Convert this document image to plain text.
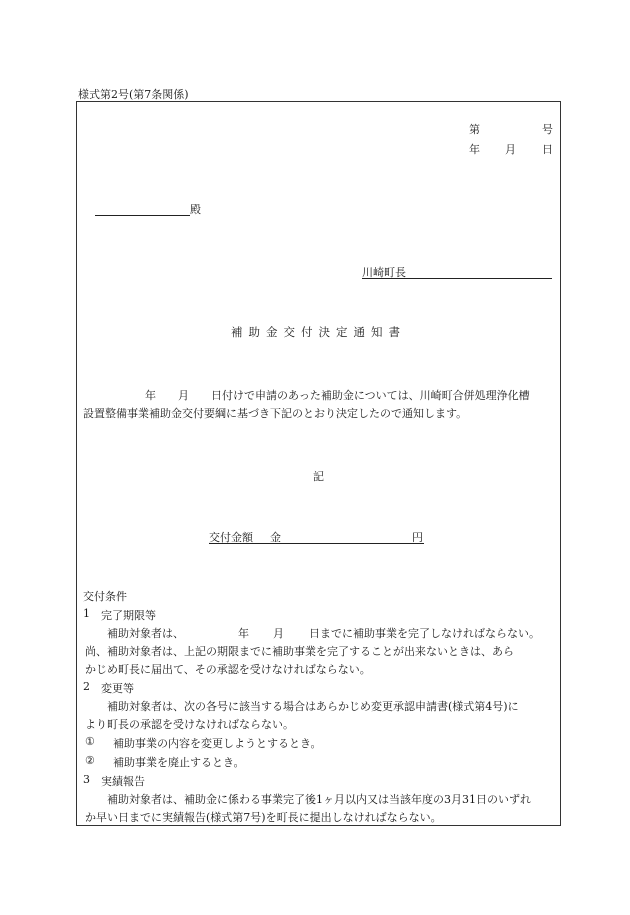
様式第2号(第7条関係)
第	号
年 月 日
殿
川崎町長
補助金交付決定通知書
年 月 日付けで申請のあった補助金については、川崎町合併処理浄化槽
設置整備事業補助金交付要綱に基づき下記のとおり決定したので通知します。
記
交付金額 金	円
交付条件
1 完了期限等
補助対象者は、	年 月 日までに補助事業を完了しなければならない。
尚、補助対象者は、上記の期限までに補助事業を完了することが出来ないときは、あら
かじめ町長に届出て、その承認を受けなければならない。
2 変更等
補助対象者は、次の各号に該当する場合はあらかじめ変更承認申請書(様式第4号)に
より町長の承認を受けなければならない。
① 補助事業の内容を変更しようとするとき。
② 補助事業を廃止するとき。
3 実績報告
補助対象者は、補助金に係わる事業完了後1ヶ月以内又は当該年度の3月31日のいずれ
か早い日までに実績報告(様式第7号)を町長に提出しなければならない。
